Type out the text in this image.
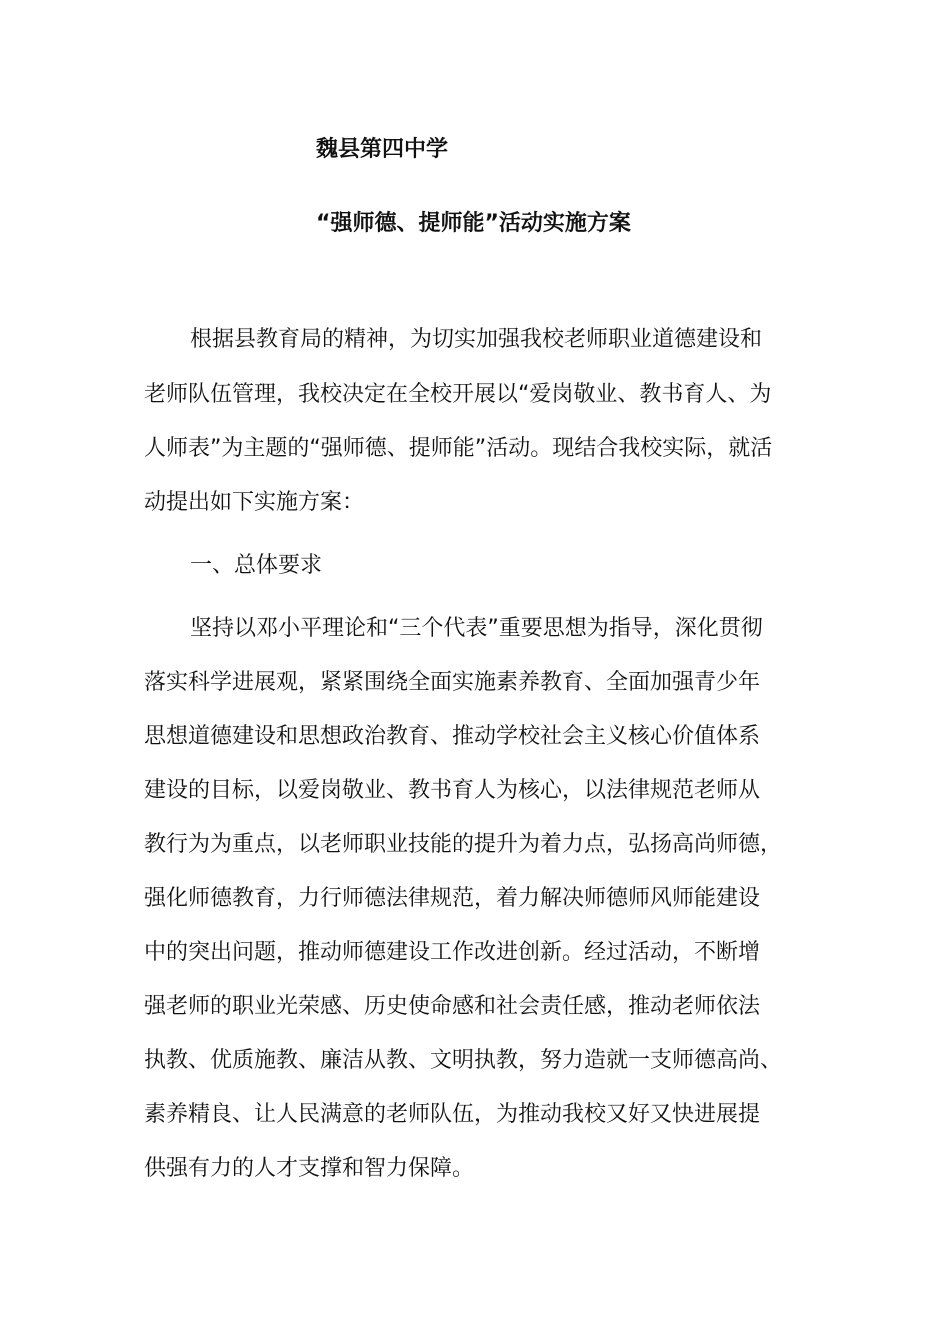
魏县第四中学
“强师德、提师能”活动实施方案
根据县教育局的精神，为切实加强我校老师职业道德建设和
老师队伍管理，我校决定在全校开展以“爱岗敬业、教书育人、为
人师表”为主题的“强师德、提师能”活动。现结合我校实际，就活
动提出如下实施方案：
一、总体要求
坚持以邓小平理论和“三个代表”重要思想为指导，深化贯彻
落实科学进展观，紧紧围绕全面实施素养教育、全面加强青少年
思想道德建设和思想政治教育、推动学校社会主义核心价值体系
建设的目标，以爱岗敬业、教书育人为核心，以法律规范老师从
教行为为重点，以老师职业技能的提升为着力点，弘扬高尚师德，
强化师德教育，力行师德法律规范，着力解决师德师风师能建设
中的突出问题，推动师德建设工作改进创新。经过活动，不断增
强老师的职业光荣感、历史使命感和社会责任感，推动老师依法
执教、优质施教、廉洁从教、文明执教，努力造就一支师德高尚、
素养精良、让人民满意的老师队伍，为推动我校又好又快进展提
供强有力的人才支撑和智力保障。
